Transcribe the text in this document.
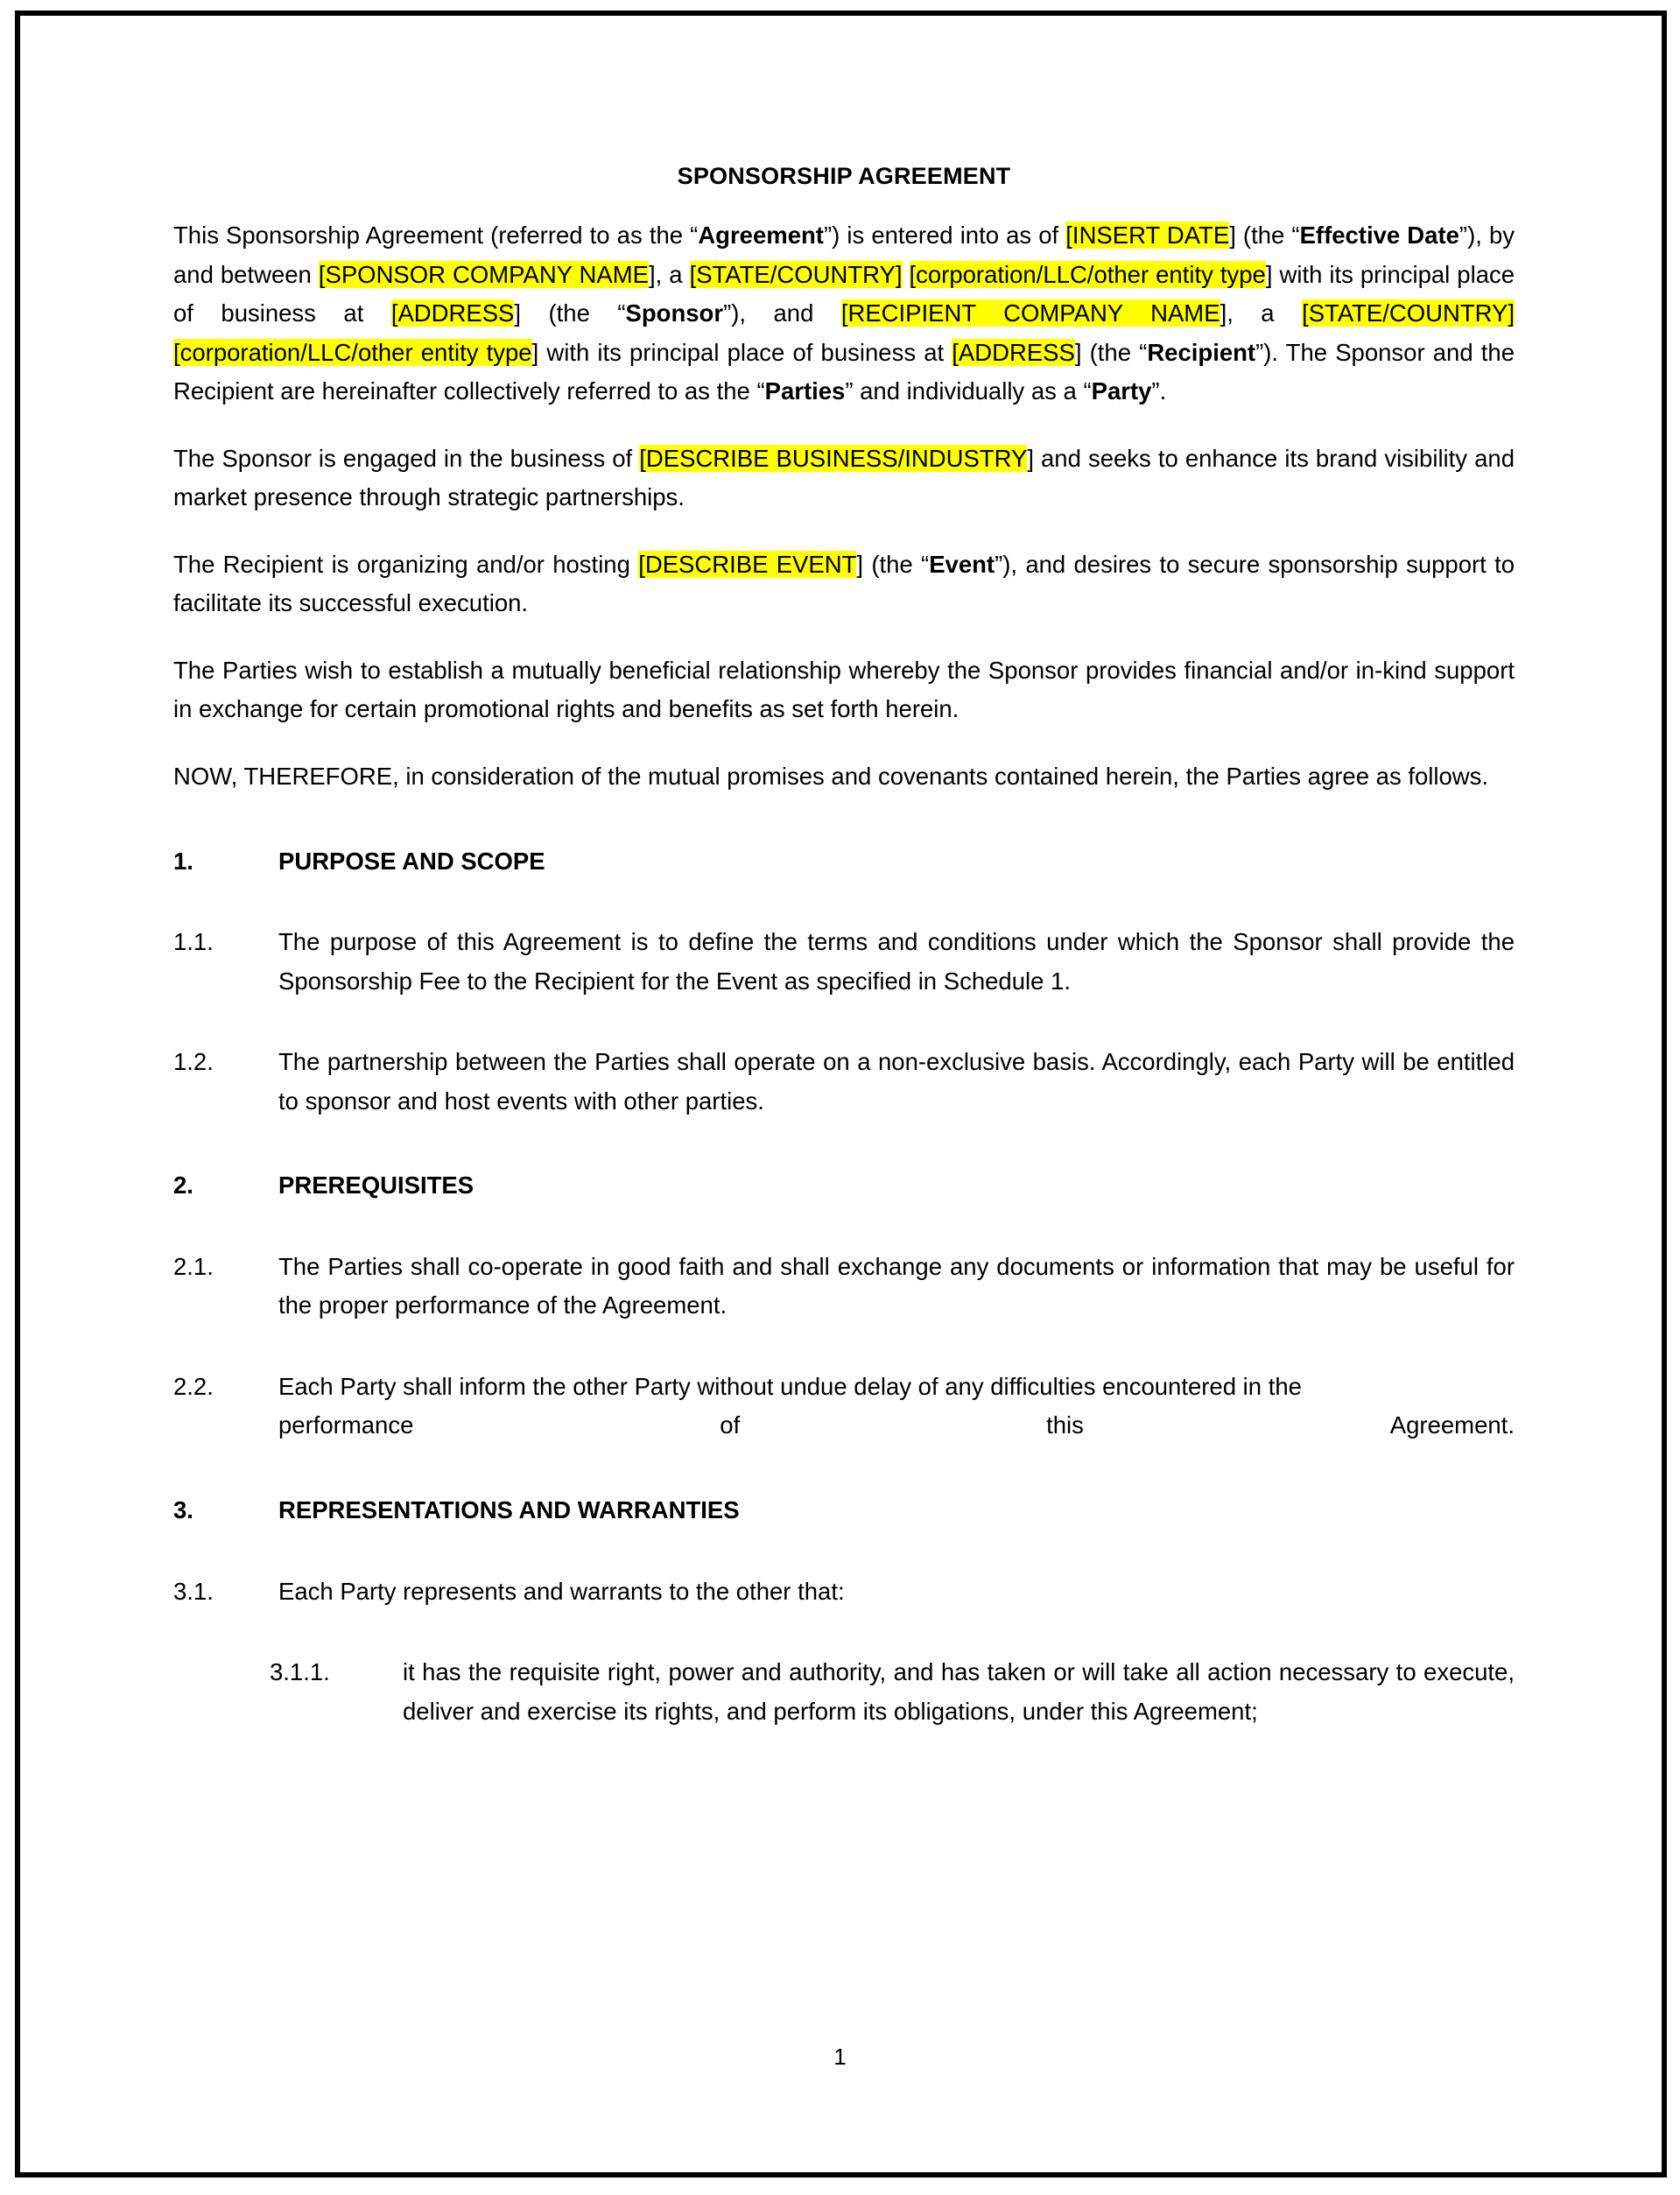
SPONSORSHIP AGREEMENT

This Sponsorship Agreement (referred to as the “Agreement”) is entered into as of [INSERT DATE] (the “Effective Date”), by and between [SPONSOR COMPANY NAME], a [STATE/COUNTRY] [corporation/LLC/other entity type] with its principal place of business at [ADDRESS] (the “Sponsor”), and [RECIPIENT COMPANY NAME], a [STATE/COUNTRY] [corporation/LLC/other entity type] with its principal place of business at [ADDRESS] (the “Recipient”). The Sponsor and the Recipient are hereinafter collectively referred to as the “Parties” and individually as a “Party”.

The Sponsor is engaged in the business of [DESCRIBE BUSINESS/INDUSTRY] and seeks to enhance its brand visibility and market presence through strategic partnerships.

The Recipient is organizing and/or hosting [DESCRIBE EVENT] (the “Event”), and desires to secure sponsorship support to facilitate its successful execution.

The Parties wish to establish a mutually beneficial relationship whereby the Sponsor provides financial and/or in-kind support in exchange for certain promotional rights and benefits as set forth herein.

NOW, THEREFORE, in consideration of the mutual promises and covenants contained herein, the Parties agree as follows.

1.	PURPOSE AND SCOPE
1.1.	The purpose of this Agreement is to define the terms and conditions under which the Sponsor shall provide the Sponsorship Fee to the Recipient for the Event as specified in Schedule 1.
1.2.	The partnership between the Parties shall operate on a non-exclusive basis. Accordingly, each Party will be entitled to sponsor and host events with other parties.
2.	PREREQUISITES
2.1.	The Parties shall co-operate in good faith and shall exchange any documents or information that may be useful for the proper performance of the Agreement.
2.2.	Each Party shall inform the other Party without undue delay of any difficulties encountered in the
performance	of	this	Agreement.
3.	REPRESENTATIONS AND WARRANTIES
3.1.	Each Party represents and warrants to the other that:
3.1.1.	it has the requisite right, power and authority, and has taken or will take all action necessary to execute, deliver and exercise its rights, and perform its obligations, under this Agreement;
1
